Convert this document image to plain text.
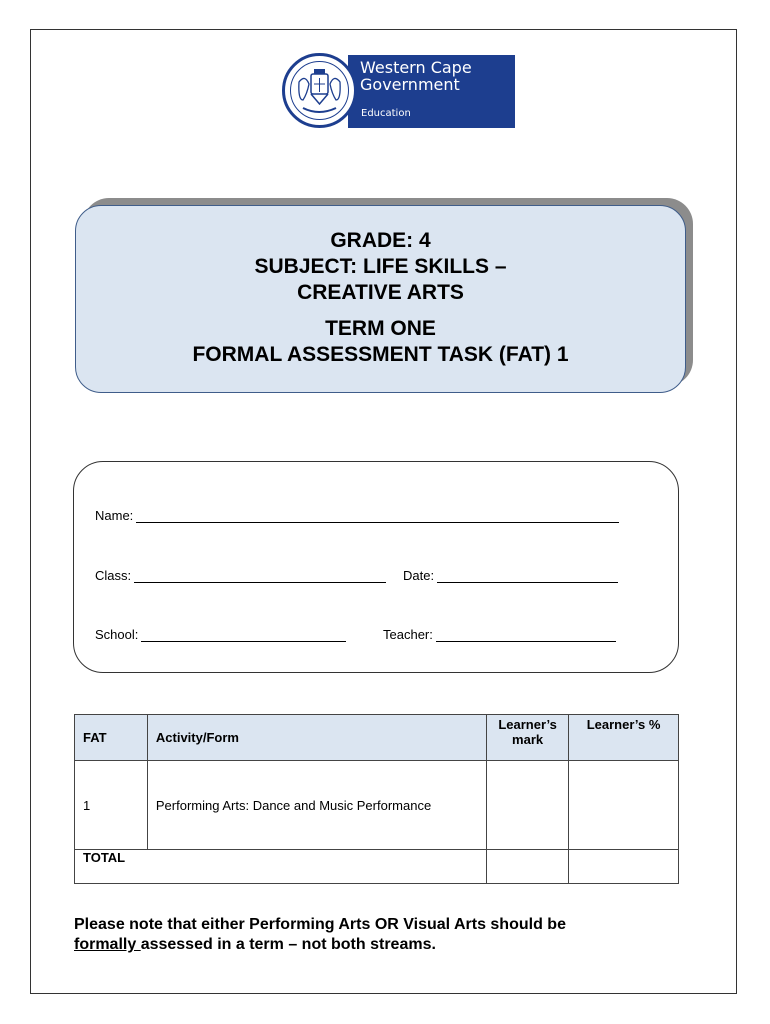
Western Cape Government
Education
GRADE: 4
SUBJECT: LIFE SKILLS –
CREATIVE ARTS
TERM ONE
FORMAL ASSESSMENT TASK (FAT) 1
Name:
Class:	Date:
School:	Teacher:
FAT	Activity/Form	Learner’s mark	Learner’s %
1	Performing Arts: Dance and Music Performance		
TOTAL			
Please note that either Performing Arts OR Visual Arts should be
formally assessed in a term – not both streams.
